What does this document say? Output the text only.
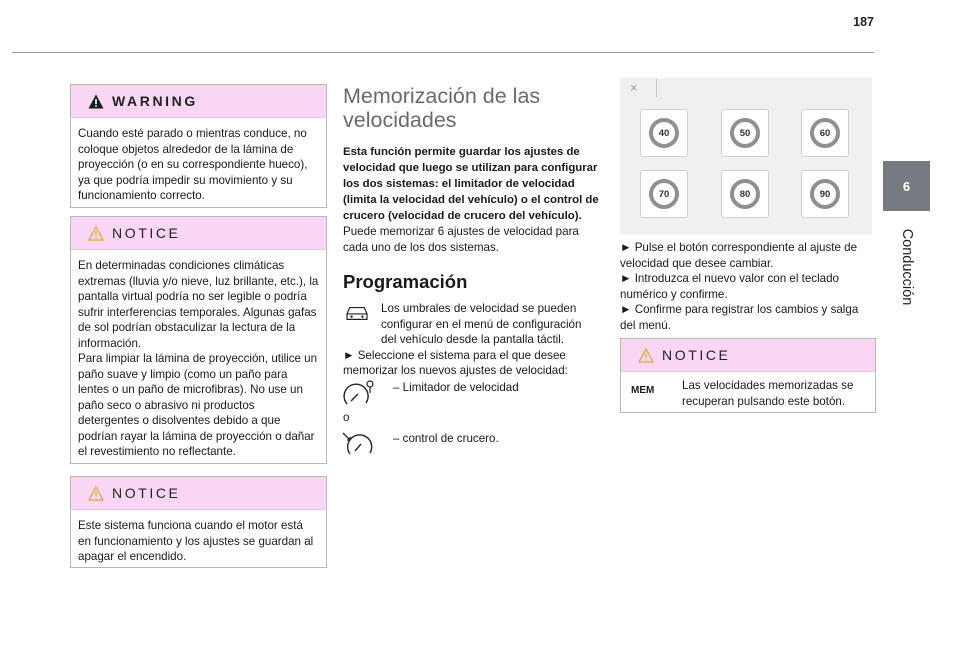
187
6
Conducción
WARNING
Cuando esté parado o mientras conduce, no coloque objetos alrededor de la lámina de proyección (o en su correspondiente hueco), ya que podría impedir su movimiento y su funcionamiento correcto.
NOTICE
En determinadas condiciones climáticas extremas (lluvia y/o nieve, luz brillante, etc.), la pantalla virtual podría no ser legible o podría sufrir interferencias temporales. Algunas gafas de sol podrían obstaculizar la lectura de la información.
Para limpiar la lámina de proyección, utilice un paño suave y limpio (como un paño para lentes o un paño de microfibras). No use un paño seco o abrasivo ni productos detergentes o disolventes debido a que podrían rayar la lámina de proyección o dañar el revestimiento no reflectante.
NOTICE
Este sistema funciona cuando el motor está en funcionamiento y los ajustes se guardan al apagar el encendido.
Memorización de las velocidades
Esta función permite guardar los ajustes de velocidad que luego se utilizan para configurar los dos sistemas: el limitador de velocidad (limita la velocidad del vehículo) o el control de crucero (velocidad de crucero del vehículo).
Puede memorizar 6 ajustes de velocidad para cada uno de los dos sistemas.
Programación
Los umbrales de velocidad se pueden configurar en el menú de configuración del vehículo desde la pantalla táctil.
► Seleccione el sistema para el que desee memorizar los nuevos ajustes de velocidad:
– Limitador de velocidad
o
– control de crucero.
×
40	50	60
70	80	90
► Pulse el botón correspondiente al ajuste de velocidad que desee cambiar.
► Introduzca el nuevo valor con el teclado numérico y confirme.
► Confirme para registrar los cambios y salga del menú.
NOTICE
MEM Las velocidades memorizadas se recuperan pulsando este botón.
